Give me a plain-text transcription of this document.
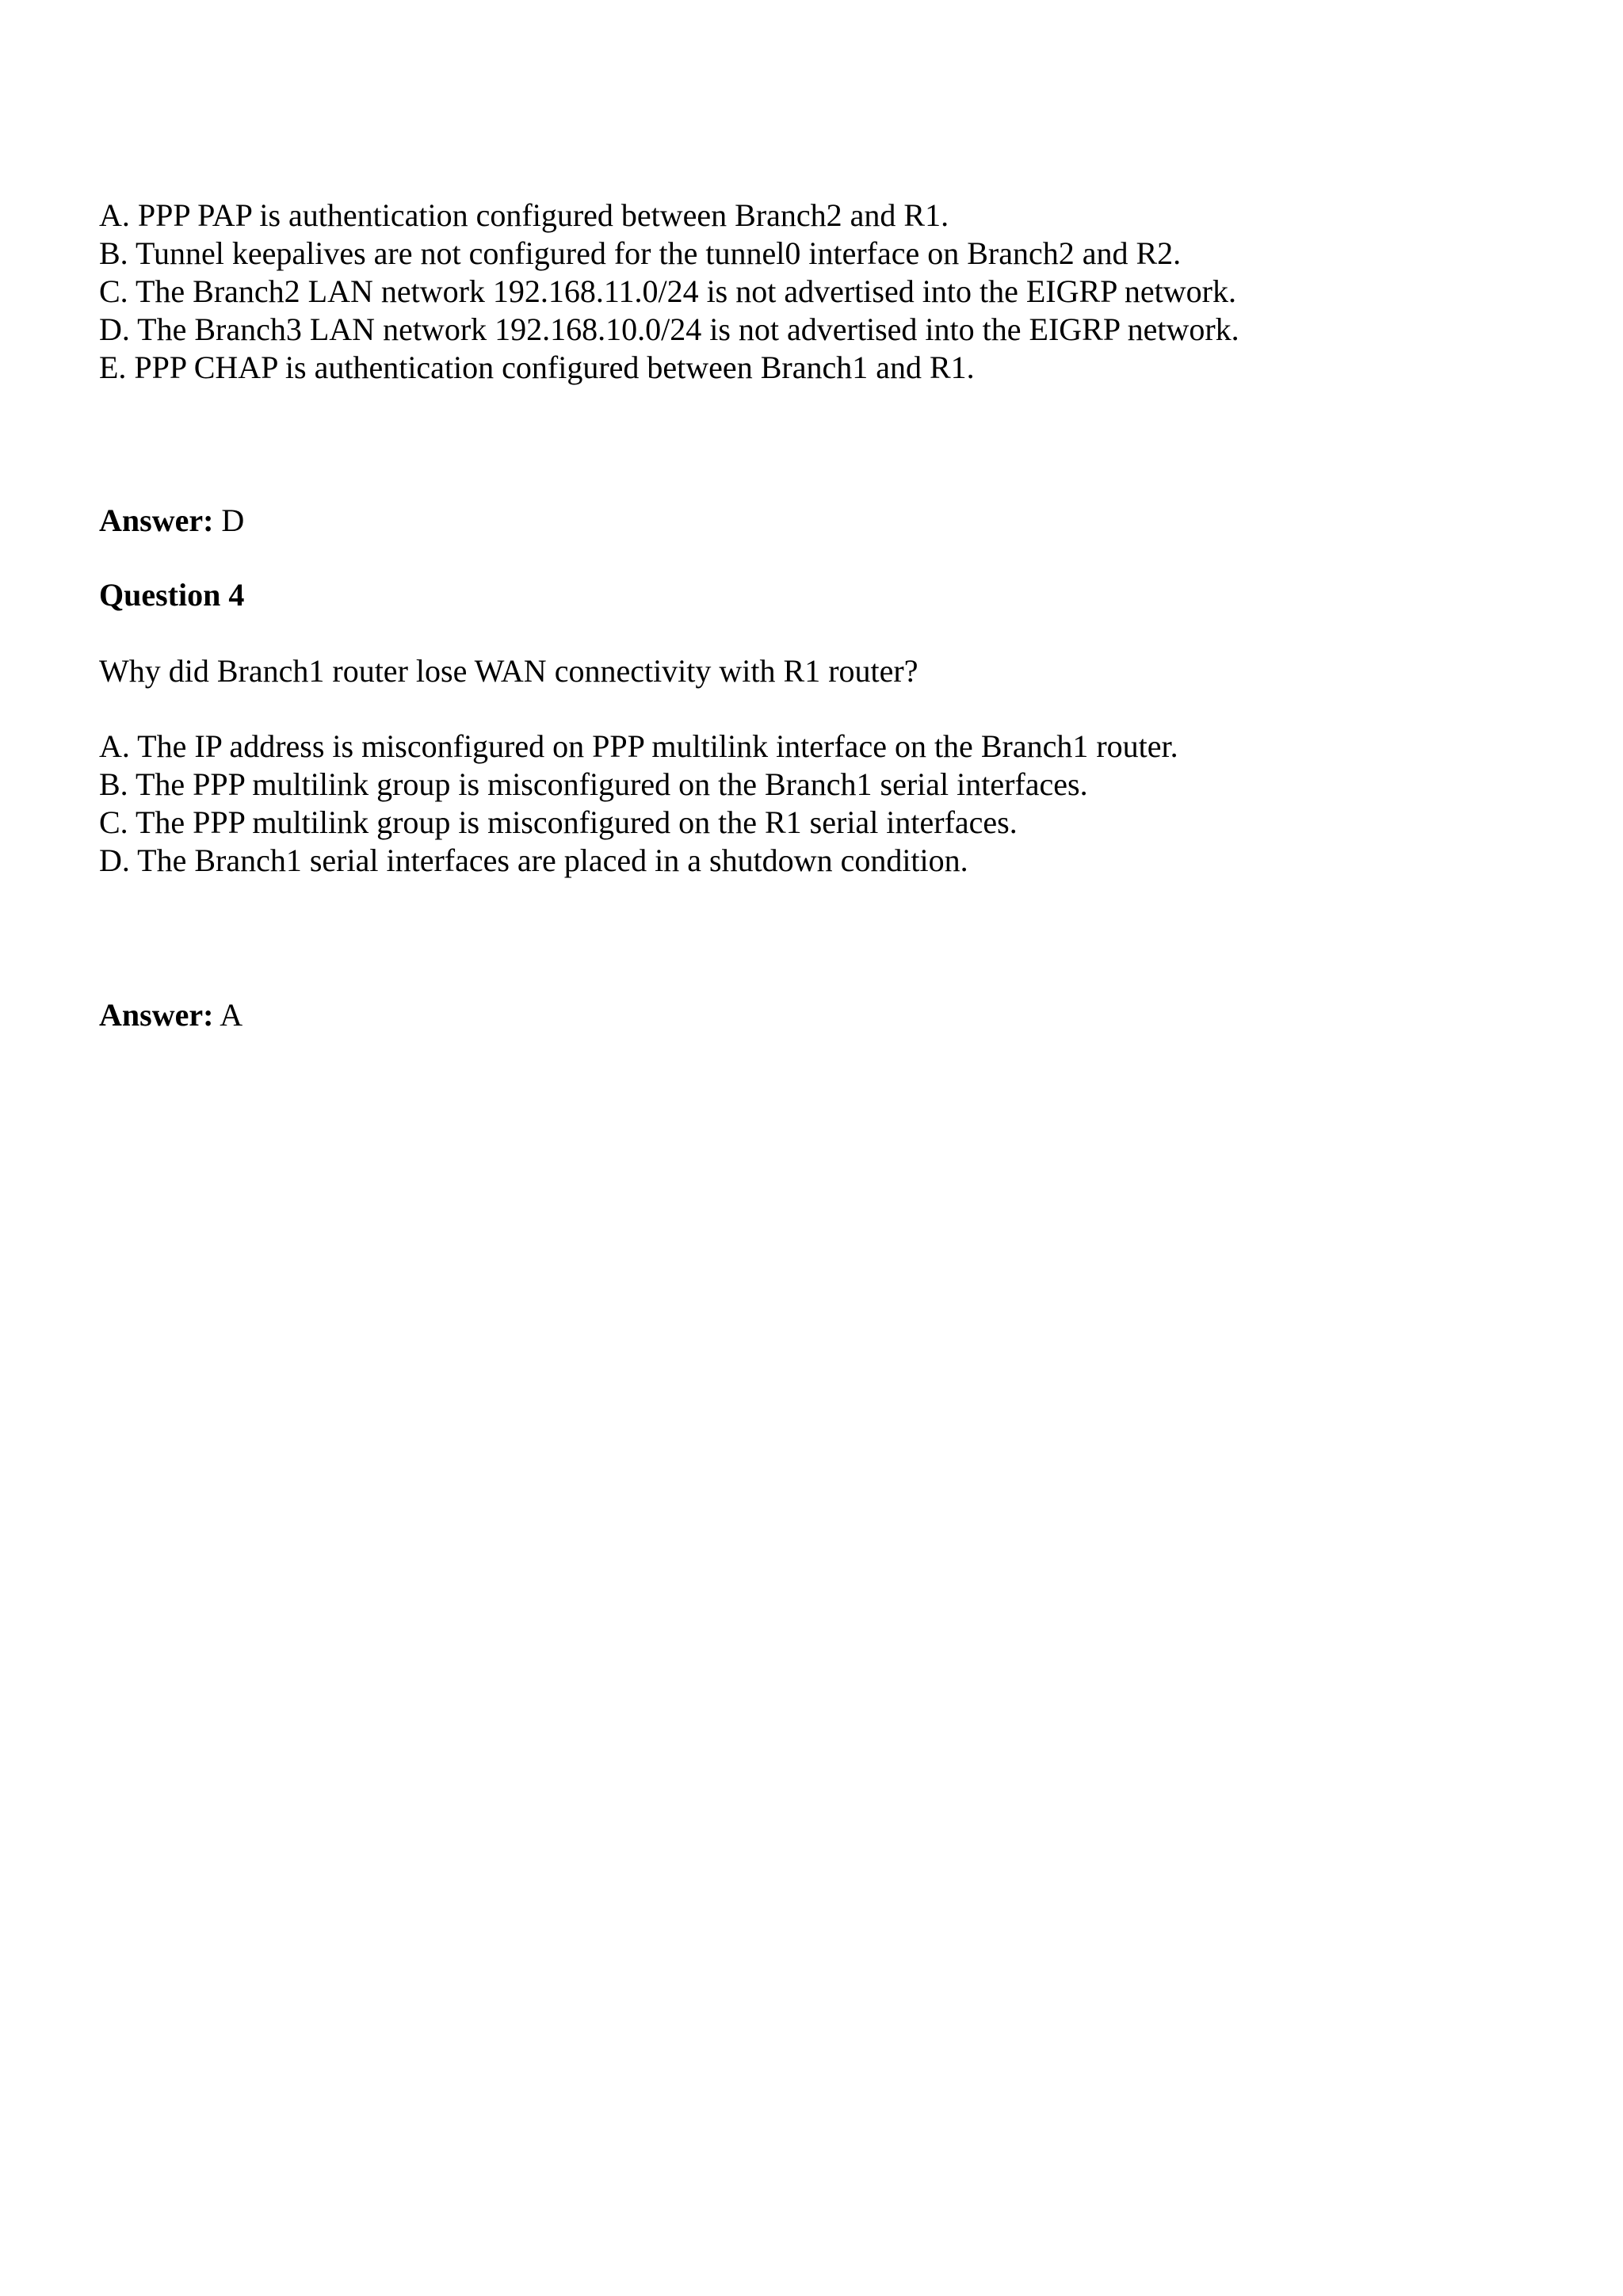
A. PPP PAP is authentication configured between Branch2 and R1.
B. Tunnel keepalives are not configured for the tunnel0 interface on Branch2 and R2.
C. The Branch2 LAN network 192.168.11.0/24 is not advertised into the EIGRP network.
D. The Branch3 LAN network 192.168.10.0/24 is not advertised into the EIGRP network.
E. PPP CHAP is authentication configured between Branch1 and R1.
Answer: D
Question 4
Why did Branch1 router lose WAN connectivity with R1 router?
A. The IP address is misconfigured on PPP multilink interface on the Branch1 router.
B. The PPP multilink group is misconfigured on the Branch1 serial interfaces.
C. The PPP multilink group is misconfigured on the R1 serial interfaces.
D. The Branch1 serial interfaces are placed in a shutdown condition.
Answer: A
